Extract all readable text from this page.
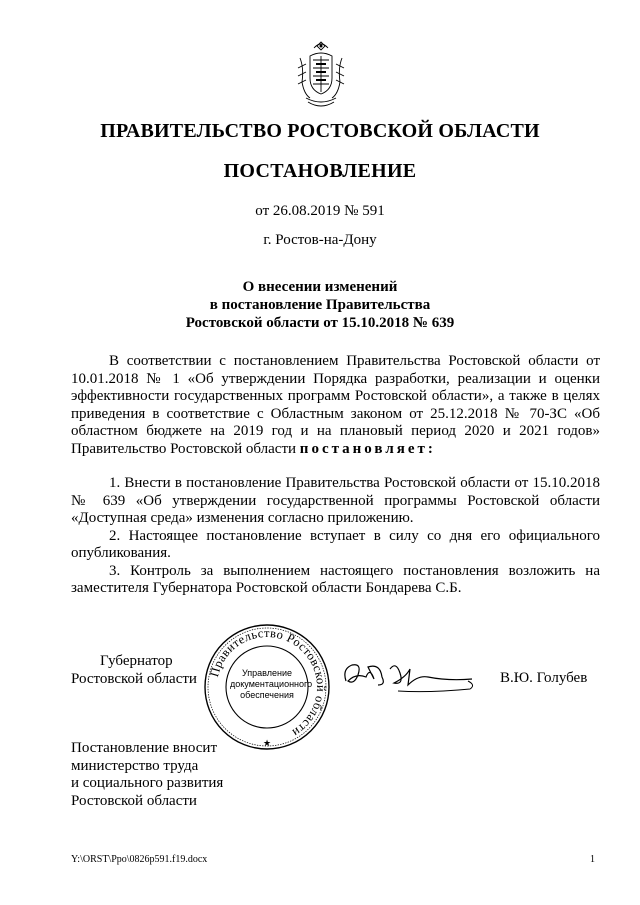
ПРАВИТЕЛЬСТВО РОСТОВСКОЙ ОБЛАСТИ
ПОСТАНОВЛЕНИЕ
от 26.08.2019 № 591
г. Ростов-на-Дону
О внесении изменений
в постановление Правительства
Ростовской области от 15.10.2018 № 639

В соответствии с постановлением Правительства Ростовской области от 10.01.2018 № 1 «Об утверждении Порядка разработки, реализации и оценки эффективности государственных программ Ростовской области», а также в целях приведения в соответствие с Областным законом от 25.12.2018 № 70-ЗС «Об областном бюджете на 2019 год и на плановый период 2020 и 2021 годов» Правительство Ростовской области постановляет:

1. Внести в постановление Правительства Ростовской области от 15.10.2018 № 639 «Об утверждении государственной программы Ростовской области «Доступная среда» изменения согласно приложению.

2. Настоящее постановление вступает в силу со дня его официального опубликования.

3. Контроль за выполнением настоящего постановления возложить на заместителя Губернатора Ростовской области Бондарева С.Б.

Губернатор
Ростовской области Правительство Ростовской области
★
Управление
документационного
обеспечения
В.Ю. Голубев
Постановление вносит
министерство труда
и социального развития
Ростовской области
Y:\ORST\Ppo\0826p591.f19.docx	1
